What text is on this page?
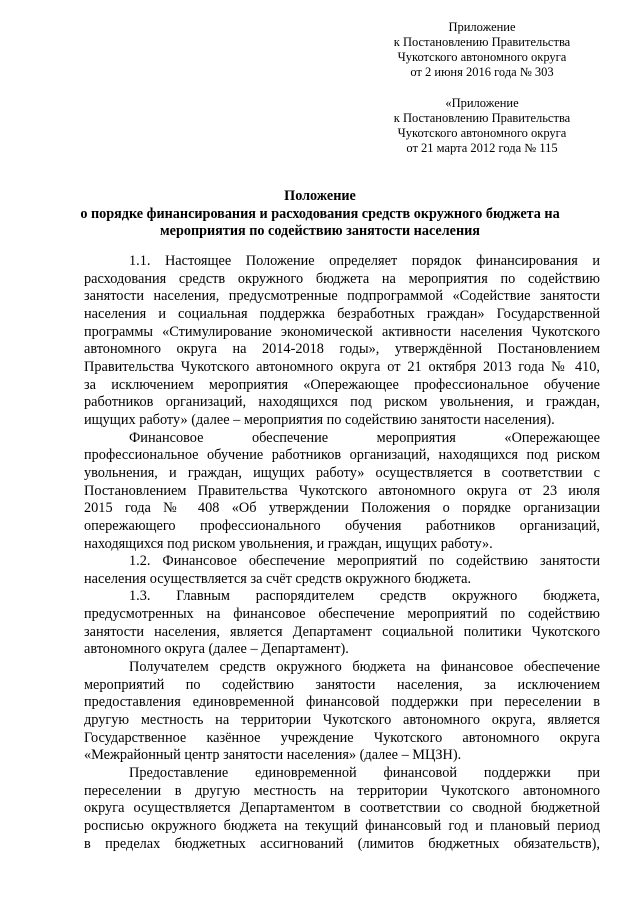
Приложение
к Постановлению Правительства
Чукотского автономного округа
от 2 июня 2016 года № 303
«Приложение
к Постановлению Правительства
Чукотского автономного округа
от 21 марта 2012 года № 115
Положение
о порядке финансирования и расходования средств окружного бюджета на
мероприятия по содействию занятости населения

1.1. Настоящее Положение определяет порядок финансирования и
расходования средств окружного бюджета на мероприятия по содействию
занятости населения, предусмотренные подпрограммой «Содействие занятости
населения и социальная поддержка безработных граждан» Государственной
программы «Стимулирование экономической активности населения Чукотского
автономного округа на 2014-2018 годы», утверждённой Постановлением
Правительства Чукотского автономного округа от 21 октября 2013 года № 410,
за исключением мероприятия «Опережающее профессиональное обучение
работников организаций, находящихся под риском увольнения, и граждан,
ищущих работу» (далее – мероприятия по содействию занятости населения).

Финансовое обеспечение мероприятия «Опережающее
профессиональное обучение работников организаций, находящихся под риском
увольнения, и граждан, ищущих работу» осуществляется в соответствии с
Постановлением Правительства Чукотского автономного округа от 23 июля
2015 года № 408 «Об утверждении Положения о порядке организации
опережающего профессионального обучения работников организаций,
находящихся под риском увольнения, и граждан, ищущих работу».

1.2. Финансовое обеспечение мероприятий по содействию занятости
населения осуществляется за счёт средств окружного бюджета.

1.3. Главным распорядителем средств окружного бюджета,
предусмотренных на финансовое обеспечение мероприятий по содействию
занятости населения, является Департамент социальной политики Чукотского
автономного округа (далее – Департамент).

Получателем средств окружного бюджета на финансовое обеспечение
мероприятий по содействию занятости населения, за исключением
предоставления единовременной финансовой поддержки при переселении в
другую местность на территории Чукотского автономного округа, является
Государственное казённое учреждение Чукотского автономного округа
«Межрайонный центр занятости населения» (далее – МЦЗН).

Предоставление единовременной финансовой поддержки при
переселении в другую местность на территории Чукотского автономного
округа осуществляется Департаментом в соответствии со сводной бюджетной
росписью окружного бюджета на текущий финансовый год и плановый период
в пределах бюджетных ассигнований (лимитов бюджетных обязательств),
